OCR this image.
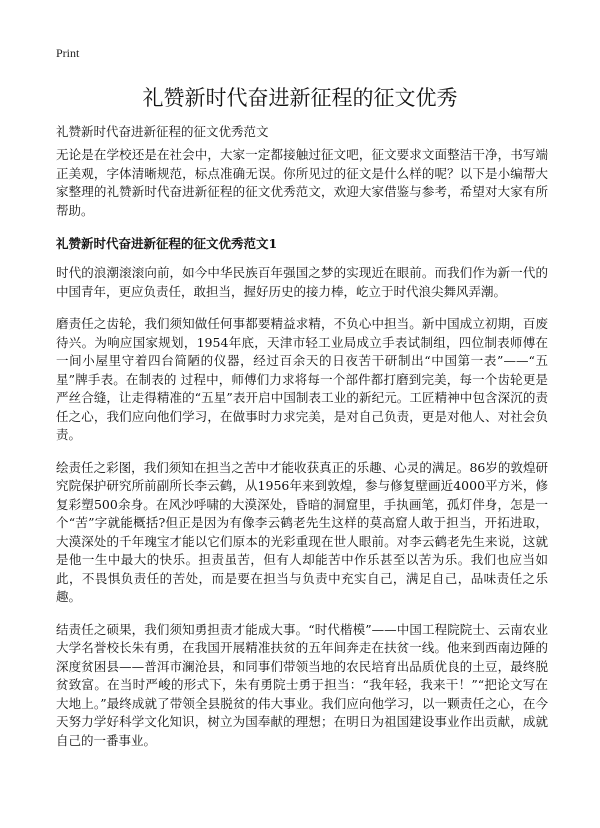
Print
礼赞新时代奋进新征程的征文优秀

礼赞新时代奋进新征程的征文优秀范文

无论是在学校还是在社会中，大家一定都接触过征文吧，征文要求文面整洁干净，书写端正美观，字体清晰规范，标点准确无误。你所见过的征文是什么样的呢？以下是小编帮大家整理的礼赞新时代奋进新征程的征文优秀范文，欢迎大家借鉴与参考，希望对大家有所帮助。

礼赞新时代奋进新征程的征文优秀范文1

时代的浪潮滚滚向前，如今中华民族百年强国之梦的实现近在眼前。而我们作为新一代的中国青年，更应负责任，敢担当，握好历史的接力棒，屹立于时代浪尖舞风弄潮。

磨责任之齿轮，我们须知做任何事都要精益求精，不负心中担当。新中国成立初期，百废待兴。为响应国家规划，1954年底，天津市轻工业局成立手表试制组，四位制表师傅在一间小屋里守着四台简陋的仪器，经过百余天的日夜苦干研制出“中国第一表”——“五星”牌手表。在制表的 过程中，师傅们力求将每一个部件都打磨到完美，每一个齿轮更是严丝合缝，让走得精准的“五星”表开启中国制表工业的新纪元。工匠精神中包含深沉的责任之心，我们应向他们学习，在做事时力求完美，是对自己负责，更是对他人、对社会负责。

绘责任之彩图，我们须知在担当之苦中才能收获真正的乐趣、心灵的满足。86岁的敦煌研究院保护研究所前副所长李云鹤，从1956年来到敦煌，参与修复壁画近4000平方米，修复彩塑500余身。在风沙呼啸的大漠深处，昏暗的洞窟里，手执画笔，孤灯伴身，怎是一个“苦”字就能概括?但正是因为有像李云鹤老先生这样的莫高窟人敢于担当，开拓进取，大漠深处的千年瑰宝才能以它们原本的光彩重现在世人眼前。对李云鹤老先生来说，这就是他一生中最大的快乐。担责虽苦，但有人却能苦中作乐甚至以苦为乐。我们也应当如此，不畏惧负责任的苦处，而是要在担当与负责中充实自己，满足自己，品味责任之乐趣。

结责任之硕果，我们须知勇担责才能成大事。“时代楷模”——中国工程院院士、云南农业大学名誉校长朱有勇，在我国开展精准扶贫的五年间奔走在扶贫一线。他来到西南边陲的深度贫困县——普洱市澜沧县，和同事们带领当地的农民培育出品质优良的土豆，最终脱贫致富。在当时严峻的形式下，朱有勇院士勇于担当：“我年轻，我来干！”“把论文写在大地上。”最终成就了带领全县脱贫的伟大事业。我们应向他学习，以一颗责任之心，在今天努力学好科学文化知识，树立为国奉献的理想；在明日为祖国建设事业作出贡献，成就自己的一番事业。
